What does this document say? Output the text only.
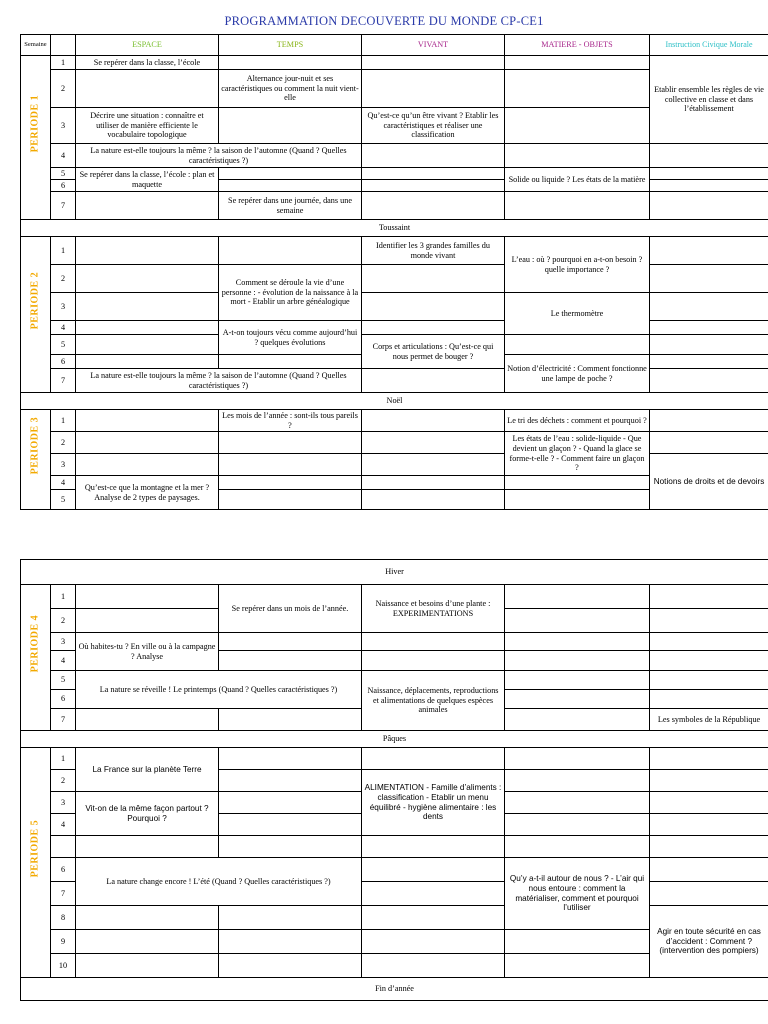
PROGRAMMATION DECOUVERTE DU MONDE CP-CE1
Semaine		ESPACE	TEMPS	VIVANT	MATIERE - OBJETS	Instruction Civique Morale

PERIODE 1	1	Se repérer dans la classe, l’école				Etablir ensemble les règles de vie collective en classe et dans l’établissement
	2		Alternance jour-nuit et ses caractéristiques ou comment la nuit vient-elle			
	3	Décrire une situation : connaître et utiliser de manière efficiente le vocabulaire topologique		Qu’est-ce qu’un être vivant ? Etablir les caractéristiques et réaliser une classification		
	4	La nature est-elle toujours la même ? la saison de l’automne (Quand ? Quelles caractéristiques ?)				
	5	Se repérer dans la classe, l’école : plan et maquette			Solide ou liquide ? Les états de la matière	
	6					
	7		Se repérer dans une journée, dans une semaine			
Toussaint						

PERIODE 2	1			Identifier les 3 grandes familles du monde vivant	L’eau : où ? pourquoi en a-t-on besoin ? quelle importance ?	
	2		Comment se déroule la vie d’une personne : - évolution de la naissance à la mort - Etablir un arbre généalogique			
	3				Le thermomètre	
	4		A-t-on toujours vécu comme aujourd’hui ? quelques évolutions			
	5			Corps et articulations : Qu’est-ce qui nous permet de bouger ?		
	6				Notion d’électricité : Comment fonctionne une lampe de poche ?	
	7	La nature est-elle toujours la même ? la saison de l’automne (Quand ? Quelles caractéristiques ?)				
Noël						

PERIODE 3	1		Les mois de l’année : sont-ils tous pareils ?		Le tri des déchets : comment et pourquoi ?	
	2				Les états de l’eau : solide-liquide - Que devient un glaçon ? - Quand la glace se forme-t-elle ? - Comment faire un glaçon ?	
	3					Notions de droits et de devoirs
	4	Qu’est-ce que la montagne et la mer ? Analyse de 2 types de paysages.				
	5					
Hiver						

PERIODE 4	1		Se repérer dans un mois de l’année.	Naissance et besoins d’une plante : EXPERIMENTATIONS		
	2					
	3	Où habites-tu ? En ville ou à la campagne ? Analyse				
	4					
	5	La nature se réveille ! Le printemps (Quand ? Quelles caractéristiques ?)		Naissance, déplacements, reproductions et alimentations de quelques espèces animales		
	6					
	7					Les symboles de la République
Pâques						

PERIODE 5	1	La France sur la planète Terre				
	2			ALIMENTATION - Famille d’aliments : classification - Etablir un menu équilibré - hygiène alimentaire : les dents		
	3	Vit-on de la même façon partout ? Pourquoi ?				
	4					

	6	La nature change encore ! L’été (Quand ? Quelles caractéristiques ?)			Qu’y a-t-il autour de nous ? - L’air qui nous entoure : comment la matérialiser, comment et pourquoi l’utiliser	
	7					
	8					Agir en toute sécurité en cas d’accident : Comment ? (intervention des pompiers)
	9					
	10					
Fin d’année						
